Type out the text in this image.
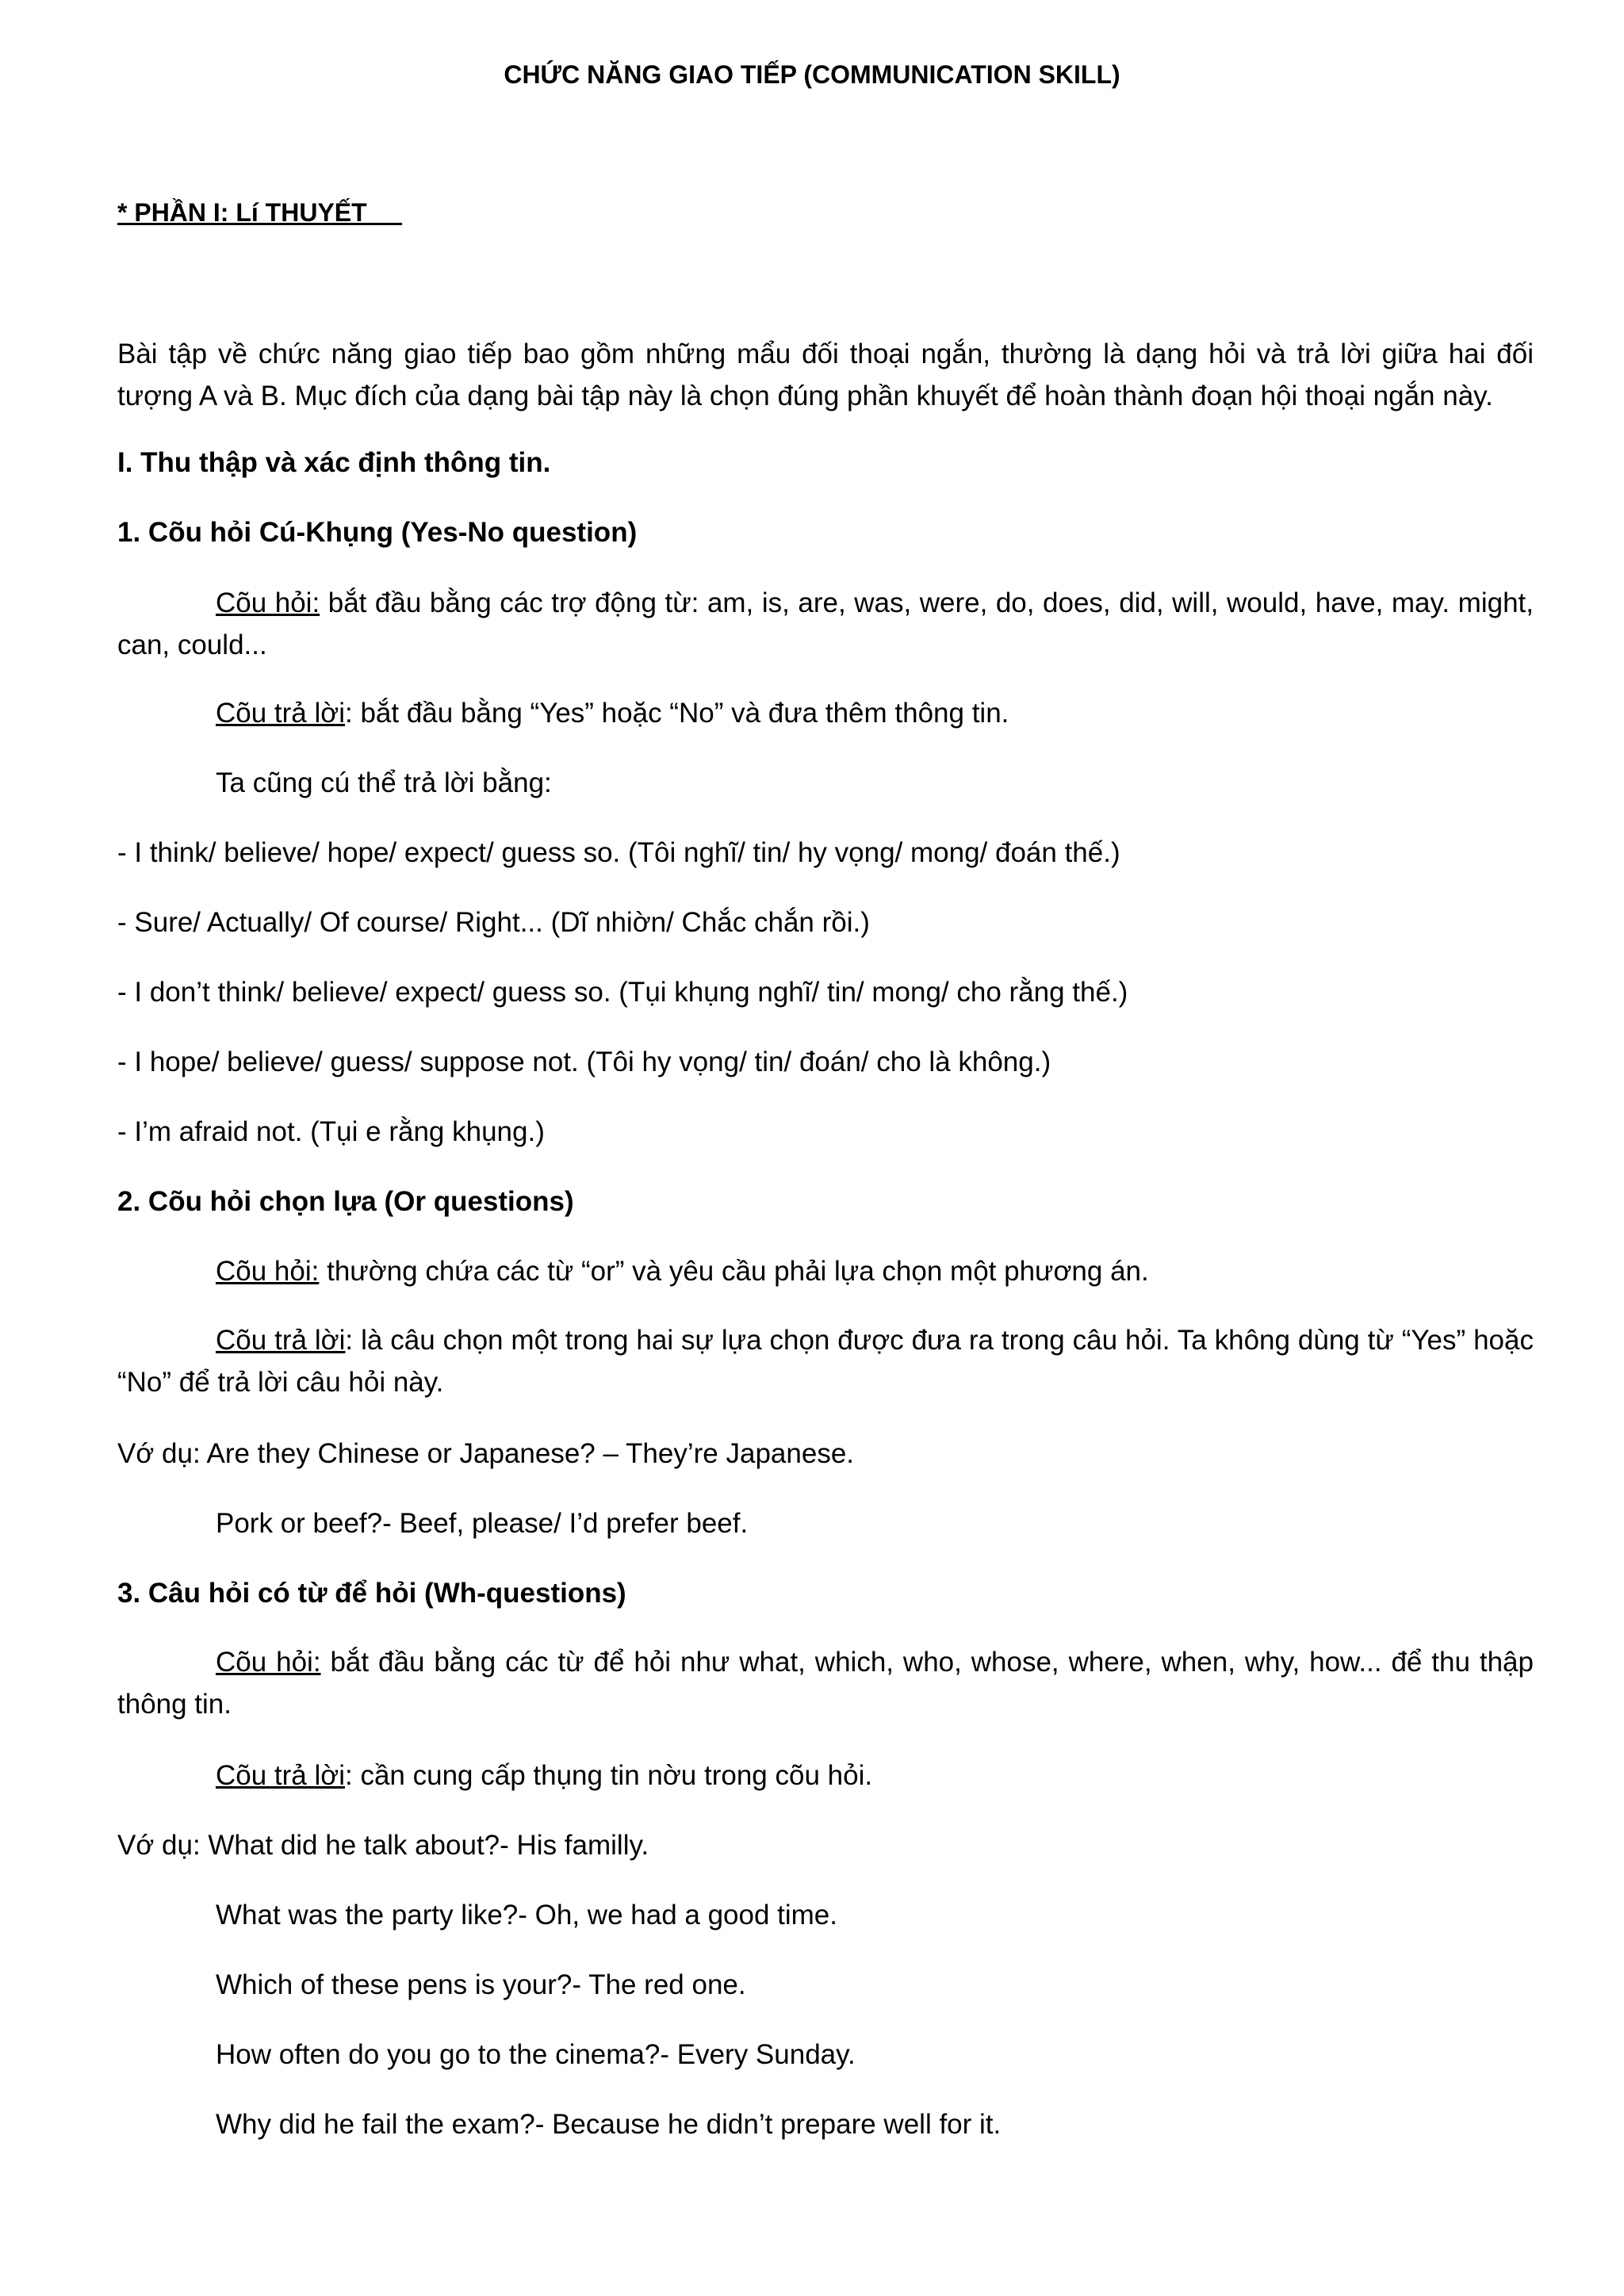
CHỨC NĂNG GIAO TIẾP (COMMUNICATION SKILL)
* PHẦN I: Lí THUYẾT
Bài tập về chức năng giao tiếp bao gồm những mẩu đối thoại ngắn, thường là dạng hỏi và trả lời giữa hai đối tượng A và B. Mục đích của dạng bài tập này là chọn đúng phần khuyết để hoàn thành đoạn hội thoại ngắn này.
I. Thu thập và xác định thông tin.
1. Cõu hỏi Cú-Khụng (Yes-No question)
Cõu hỏi: bắt đầu bằng các trợ động từ: am, is, are, was, were, do, does, did, will, would, have, may. might, can, could...
Cõu trả lời: bắt đầu bằng “Yes” hoặc “No” và đưa thêm thông tin.
Ta cũng cú thể trả lời bằng:
- I think/ believe/ hope/ expect/ guess so. (Tôi nghĩ/ tin/ hy vọng/ mong/ đoán thế.)
- Sure/ Actually/ Of course/ Right... (Dĩ nhiờn/ Chắc chắn rồi.)
- I don’t think/ believe/ expect/ guess so. (Tụi khụng nghĩ/ tin/ mong/ cho rằng thế.)
- I hope/ believe/ guess/ suppose not. (Tôi hy vọng/ tin/ đoán/ cho là không.)
- I’m afraid not. (Tụi e rằng khụng.)
2. Cõu hỏi chọn lựa (Or questions)
Cõu hỏi: thường chứa các từ “or” và yêu cầu phải lựa chọn một phương án.
Cõu trả lời: là câu chọn một trong hai sự lựa chọn được đưa ra trong câu hỏi. Ta không dùng từ “Yes” hoặc “No” để trả lời câu hỏi này.
Vớ dụ: Are they Chinese or Japanese? – They’re Japanese.
Pork or beef?- Beef, please/ I’d prefer beef.
3. Câu hỏi có từ để hỏi (Wh-questions)
Cõu hỏi: bắt đầu bằng các từ để hỏi như what, which, who, whose, where, when, why, how... để thu thập thông tin.
Cõu trả lời: cần cung cấp thụng tin nờu trong cõu hỏi.
Vớ dụ: What did he talk about?- His familly.
What was the party like?- Oh, we had a good time.
Which of these pens is your?- The red one.
How often do you go to the cinema?- Every Sunday.
Why did he fail the exam?- Because he didn’t prepare well for it.
